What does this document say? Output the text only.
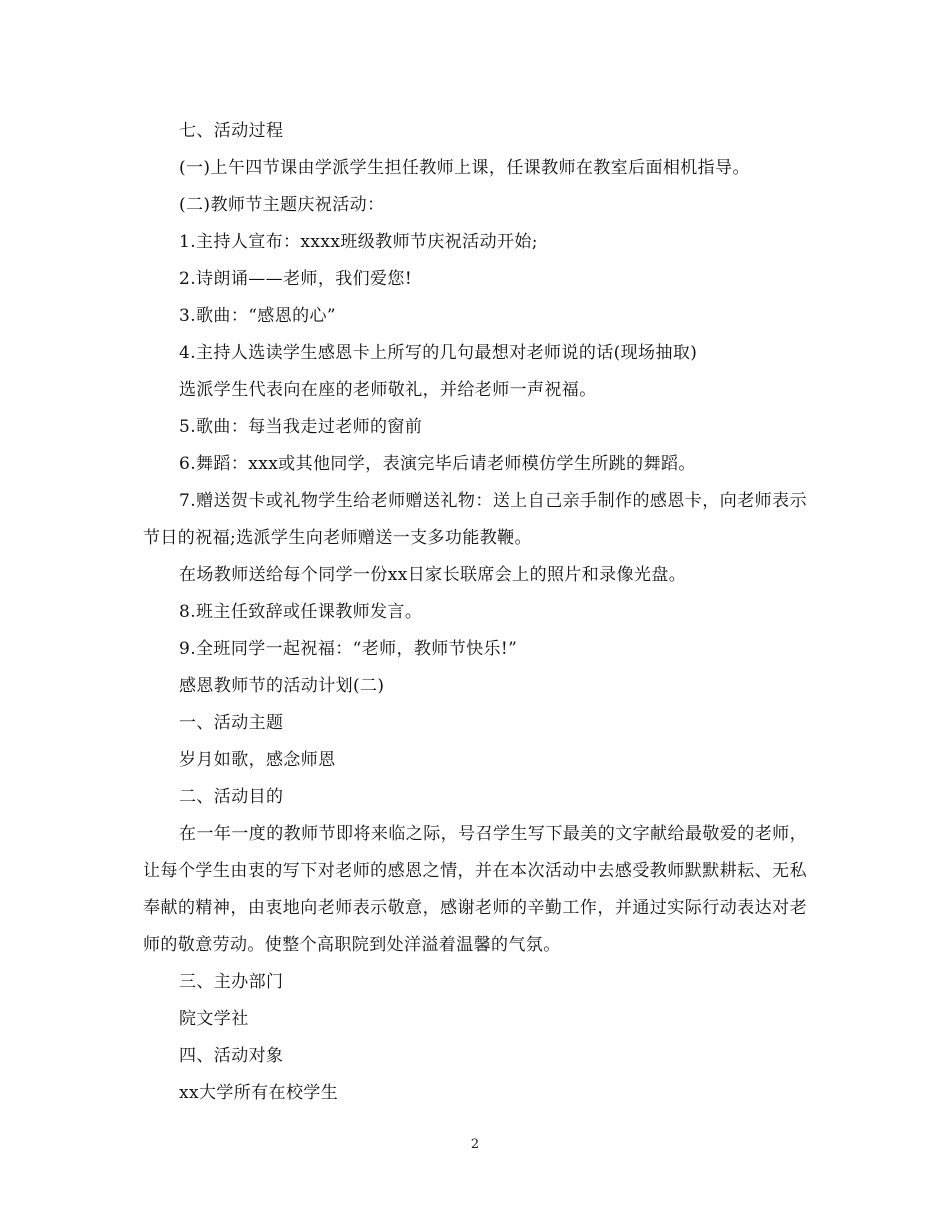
七、活动过程

(一)上午四节课由学派学生担任教师上课，任课教师在教室后面相机指导。

(二)教师节主题庆祝活动：

1.主持人宣布：xxxx班级教师节庆祝活动开始;

2.诗朗诵——老师，我们爱您!

3.歌曲：“感恩的心”

4.主持人选读学生感恩卡上所写的几句最想对老师说的话(现场抽取)

选派学生代表向在座的老师敬礼，并给老师一声祝福。

5.歌曲：每当我走过老师的窗前

6.舞蹈：xxx或其他同学，表演完毕后请老师模仿学生所跳的舞蹈。

7.赠送贺卡或礼物学生给老师赠送礼物：送上自己亲手制作的感恩卡，向老师表示节日的祝福;选派学生向老师赠送一支多功能教鞭。

在场教师送给每个同学一份xx日家长联席会上的照片和录像光盘。

8.班主任致辞或任课教师发言。

9.全班同学一起祝福：“老师，教师节快乐!”

感恩教师节的活动计划(二)

一、活动主题

岁月如歌，感念师恩

二、活动目的

在一年一度的教师节即将来临之际，号召学生写下最美的文字献给最敬爱的老师，让每个学生由衷的写下对老师的感恩之情，并在本次活动中去感受教师默默耕耘、无私奉献的精神，由衷地向老师表示敬意，感谢老师的辛勤工作，并通过实际行动表达对老师的敬意劳动。使整个高职院到处洋溢着温馨的气氛。

三、主办部门

院文学社

四、活动对象

xx大学所有在校学生

2
